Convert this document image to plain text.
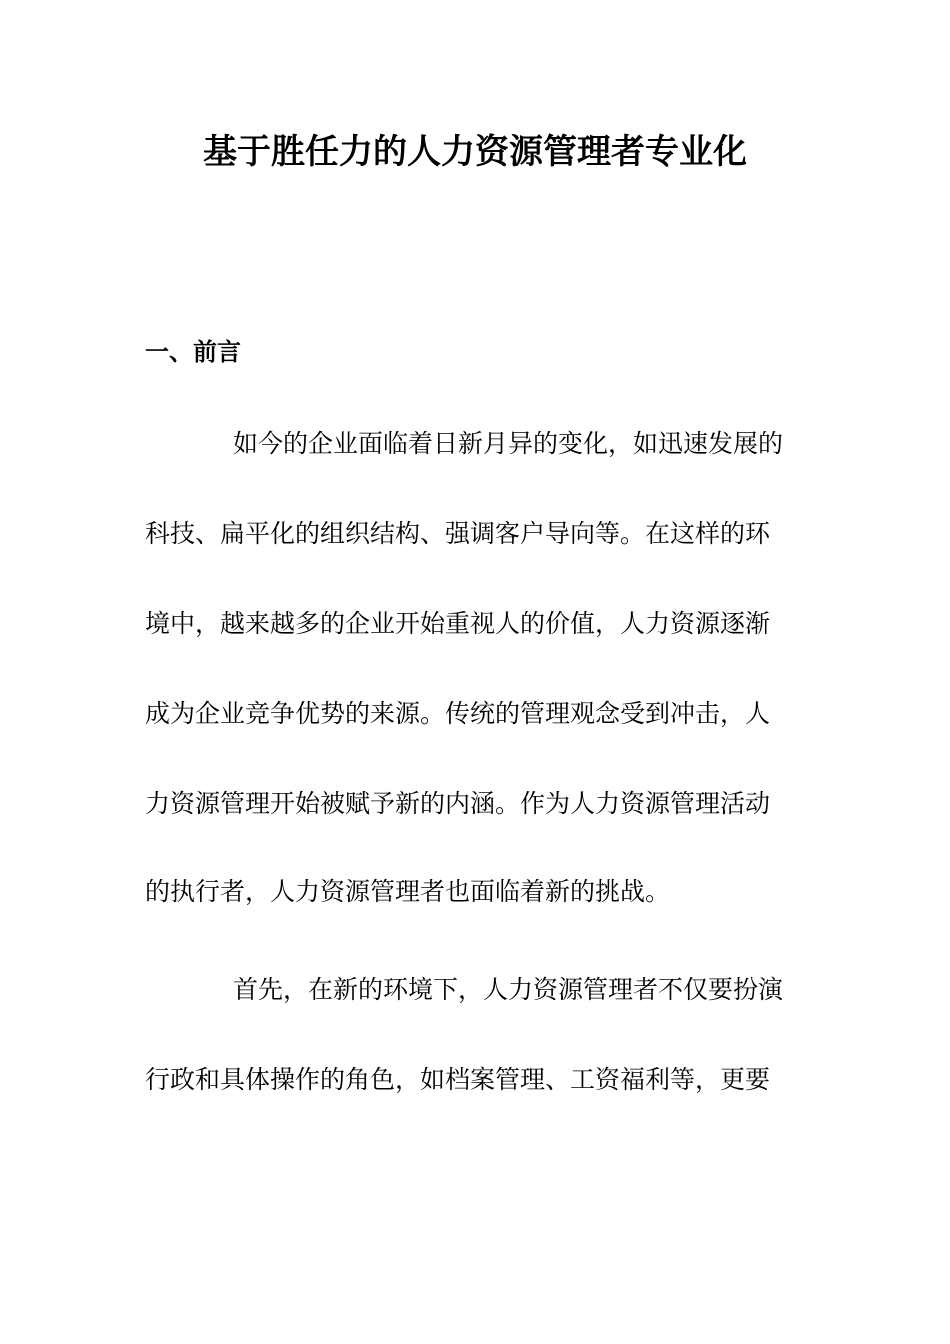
基于胜任力的人力资源管理者专业化
一、前言

如今的企业面临着日新月异的变化，如迅速发展的

科技、扁平化的组织结构、强调客户导向等。在这样的环

境中，越来越多的企业开始重视人的价值，人力资源逐渐

成为企业竞争优势的来源。传统的管理观念受到冲击，人

力资源管理开始被赋予新的内涵。作为人力资源管理活动

的执行者，人力资源管理者也面临着新的挑战。

首先，在新的环境下，人力资源管理者不仅要扮演

行政和具体操作的角色，如档案管理、工资福利等，更要
